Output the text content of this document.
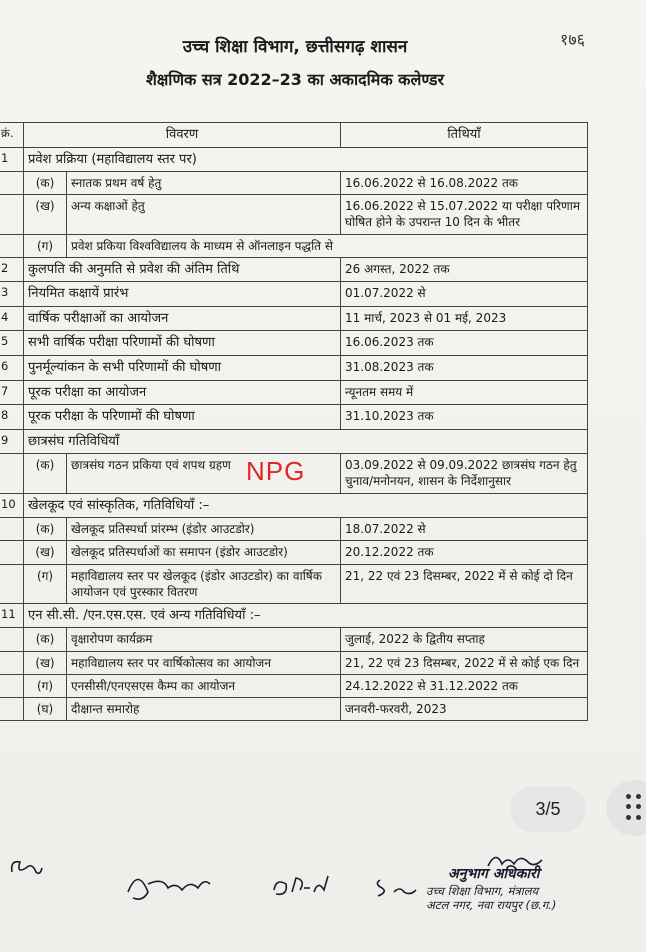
१७६
उच्च शिक्षा विभाग, छत्तीसगढ़ शासन
शैक्षणिक सत्र 2022–23 का अकादमिक कलेण्डर
क्रं.	विवरण		तिथियाँ
1	प्रवेश प्रक्रिया (महाविद्यालय स्तर पर)		
	(क)	स्नातक प्रथम वर्ष हेतु	16.06.2022 से 16.08.2022 तक
	(ख)	अन्य कक्षाओं हेतु	16.06.2022 से 15.07.2022 या परीक्षा परिणाम घोषित होने के उपरान्त 10 दिन के भीतर
	(ग)	प्रवेश प्रकिया विश्वविद्यालय के माध्यम से ऑनलाइन पद्धति से	
2	कुलपति की अनुमति से प्रवेश की अंतिम तिथि		26 अगस्त, 2022 तक
3	नियमित कक्षायें प्रारंभ		01.07.2022 से
4	वार्षिक परीक्षाओं का आयोजन		11 मार्च, 2023 से 01 मई, 2023
5	सभी वार्षिक परीक्षा परिणामों की घोषणा		16.06.2023 तक
6	पुनर्मूल्यांकन के सभी परिणामों की घोषणा		31.08.2023 तक
7	पूरक परीक्षा का आयोजन		न्यूनतम समय में
8	पूरक परीक्षा के परिणामों की घोषणा		31.10.2023 तक
9	छात्रसंघ गतिविधियाँ		
	(क)	छात्रसंघ गठन प्रकिया एवं शपथ ग्रहण	03.09.2022 से 09.09.2022 छात्रसंघ गठन हेतु चुनाव/मनोनयन, शासन के निर्देशानुसार
10	खेलकूद एवं सांस्कृतिक, गतिविधियाँ :–		
	(क)	खेलकूद प्रतिस्पर्धा प्रांरम्भ (इंडोर आउटडोर)	18.07.2022 से
	(ख)	खेलकूद प्रतिस्पर्धाओं का समापन (इंडोर आउटडोर)	20.12.2022 तक
	(ग)	महाविद्यालय स्तर पर खेलकूद (इंडोर आउटडोर) का वार्षिक आयोजन एवं पुरस्कार वितरण	21, 22 एवं 23 दिसम्बर, 2022 में से कोई दो दिन
11	एन सी.सी. /एन.एस.एस. एवं अन्य गतिविधियाँ :–		
	(क)	वृक्षारोपण कार्यक्रम	जुलाई, 2022 के द्वितीय सप्ताह
	(ख)	महाविद्यालय स्तर पर वार्षिकोत्सव का आयोजन	21, 22 एवं 23 दिसम्बर, 2022 में से कोई एक दिन
	(ग)	एनसीसी/एनएसएस कैम्प का आयोजन	24.12.2022 से 31.12.2022 तक
	(घ)	दीक्षान्त समारोह	जनवरी-फरवरी, 2023
NPG
अनुभाग अधिकारी
उच्च शिक्षा विभाग, मंत्रालय
अटल नगर, नवा रायपुर (छ.ग.)
3/5
